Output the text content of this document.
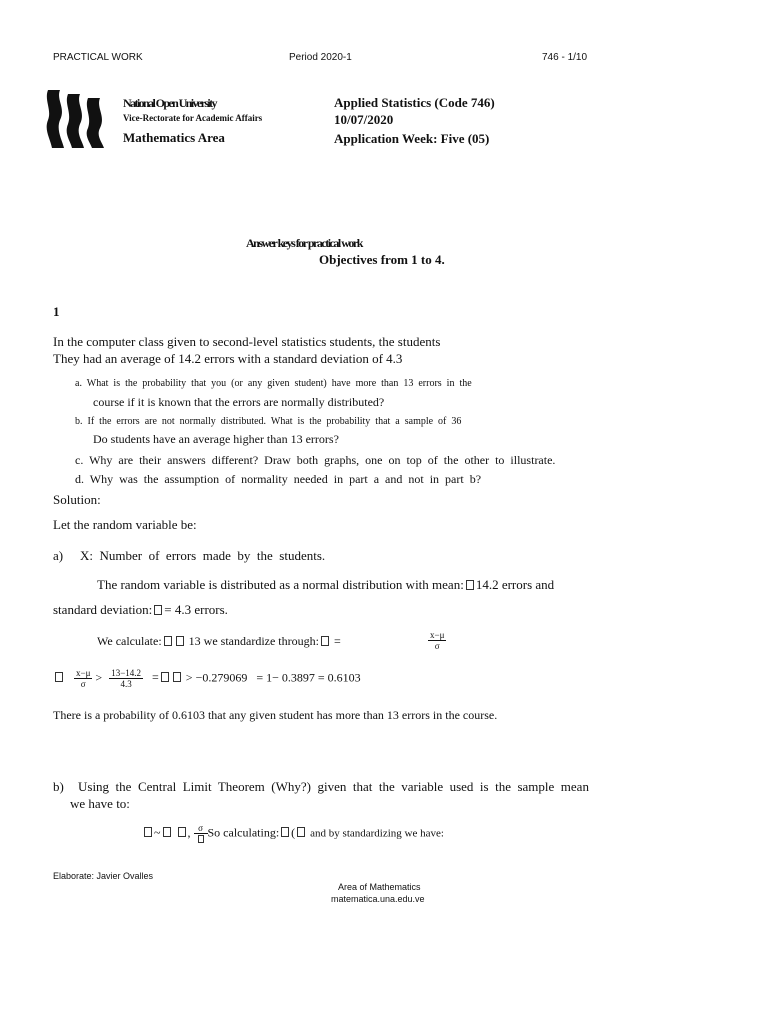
PRACTICAL WORK	Period 2020-1	746 - 1/10
National Open University
Vice-Rectorate for Academic Affairs
Mathematics Area
Applied Statistics (Code 746)
10/07/2020
Application Week: Five (05)
Answer keys for practical work
Objectives from 1 to 4.
1
In the computer class given to second-level statistics students, the students
They had an average of 14.2 errors with a standard deviation of 4.3
a.  What  is  the  probability  that  you  (or  any  given  student)  have  more  than  13  errors  in  the
course if it is known that the errors are normally distributed?
b.  If  the  errors  are  not  normally  distributed.  What  is  the  probability  that  a  sample  of  36
Do students have an average higher than 13 errors?
c.  Why  are  their  answers  different?  Draw  both  graphs,  one  on  top  of  the  other  to  illustrate.
d.  Why  was  the  assumption  of  normality  needed  in  part  a  and  not  in  part  b?
Solution:
Let the random variable be:
a) X:  Number  of  errors  made  by  the  students.
The random variable is distributed as a normal distribution with mean: 14.2 errors and
standard deviation: = 4.3 errors.
We calculate: 13 we standardize through: =	$\frac{x-\mu}{\sigma}$

$\frac{x-\mu}{\sigma} > \frac{13-14.2}{4.3}$ = > −0.279069   = 1− 0.3897 = 0.6103
There is a probability of 0.6103 that any given student has more than 13 errors in the course.
b) Using  the  Central  Limit  Theorem  (Why?)  given  that  the  variable  used  is  the  sample  mean
we have to:
~ , σ So calculating: ( and by standardizing we have:
Elaborate: Javier Ovalles
Area of Mathematics
matematica.una.edu.ve
